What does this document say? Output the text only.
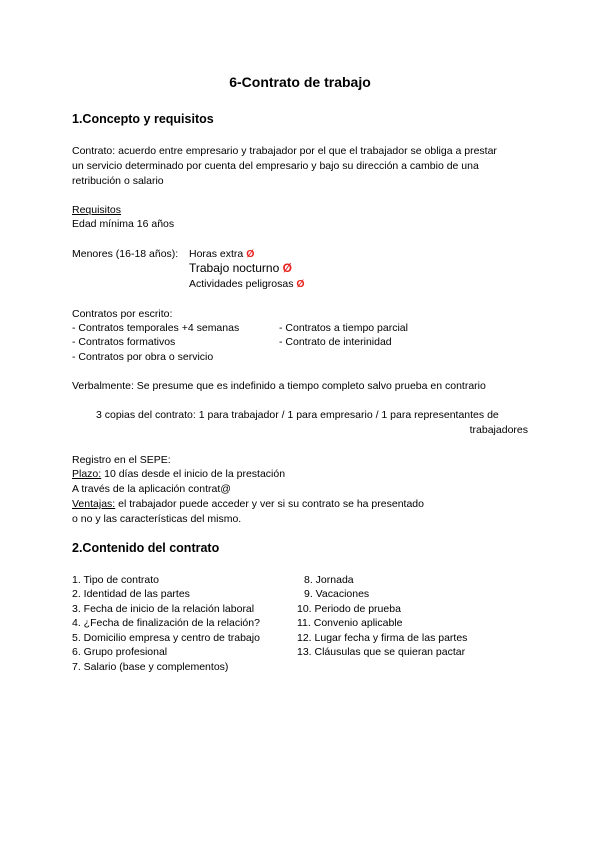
6-Contrato de trabajo
1.Concepto y requisitos
Contrato: acuerdo entre empresario y trabajador por el que el trabajador se obliga a prestar
un servicio determinado por cuenta del empresario y bajo su dirección a cambio de una
retribución o salario
Requisitos
Edad mínima 16 años
Menores (16-18 años): Horas extra Ø
Trabajo nocturno Ø
Actividades peligrosas Ø
Contratos por escrito:
- Contratos temporales +4 semanas
- Contratos formativos
- Contratos por obra o servicio
- Contratos a tiempo parcial
- Contrato de interinidad
Verbalmente: Se presume que es indefinido a tiempo completo salvo prueba en contrario
3 copias del contrato: 1 para trabajador / 1 para empresario / 1 para representantes de
trabajadores
Registro en el SEPE:
Plazo: 10 días desde el inicio de la prestación
A través de la aplicación contrat@
Ventajas: el trabajador puede acceder y ver si su contrato se ha presentado
o no y las características del mismo.
2.Contenido del contrato
1. Tipo de contrato
2. Identidad de las partes
3. Fecha de inicio de la relación laboral
4. ¿Fecha de finalización de la relación?
5. Domicilio empresa y centro de trabajo
6. Grupo profesional
7. Salario (base y complementos)
8. Jornada
9. Vacaciones
10. Periodo de prueba
11. Convenio aplicable
12. Lugar fecha y firma de las partes
13. Cláusulas que se quieran pactar
